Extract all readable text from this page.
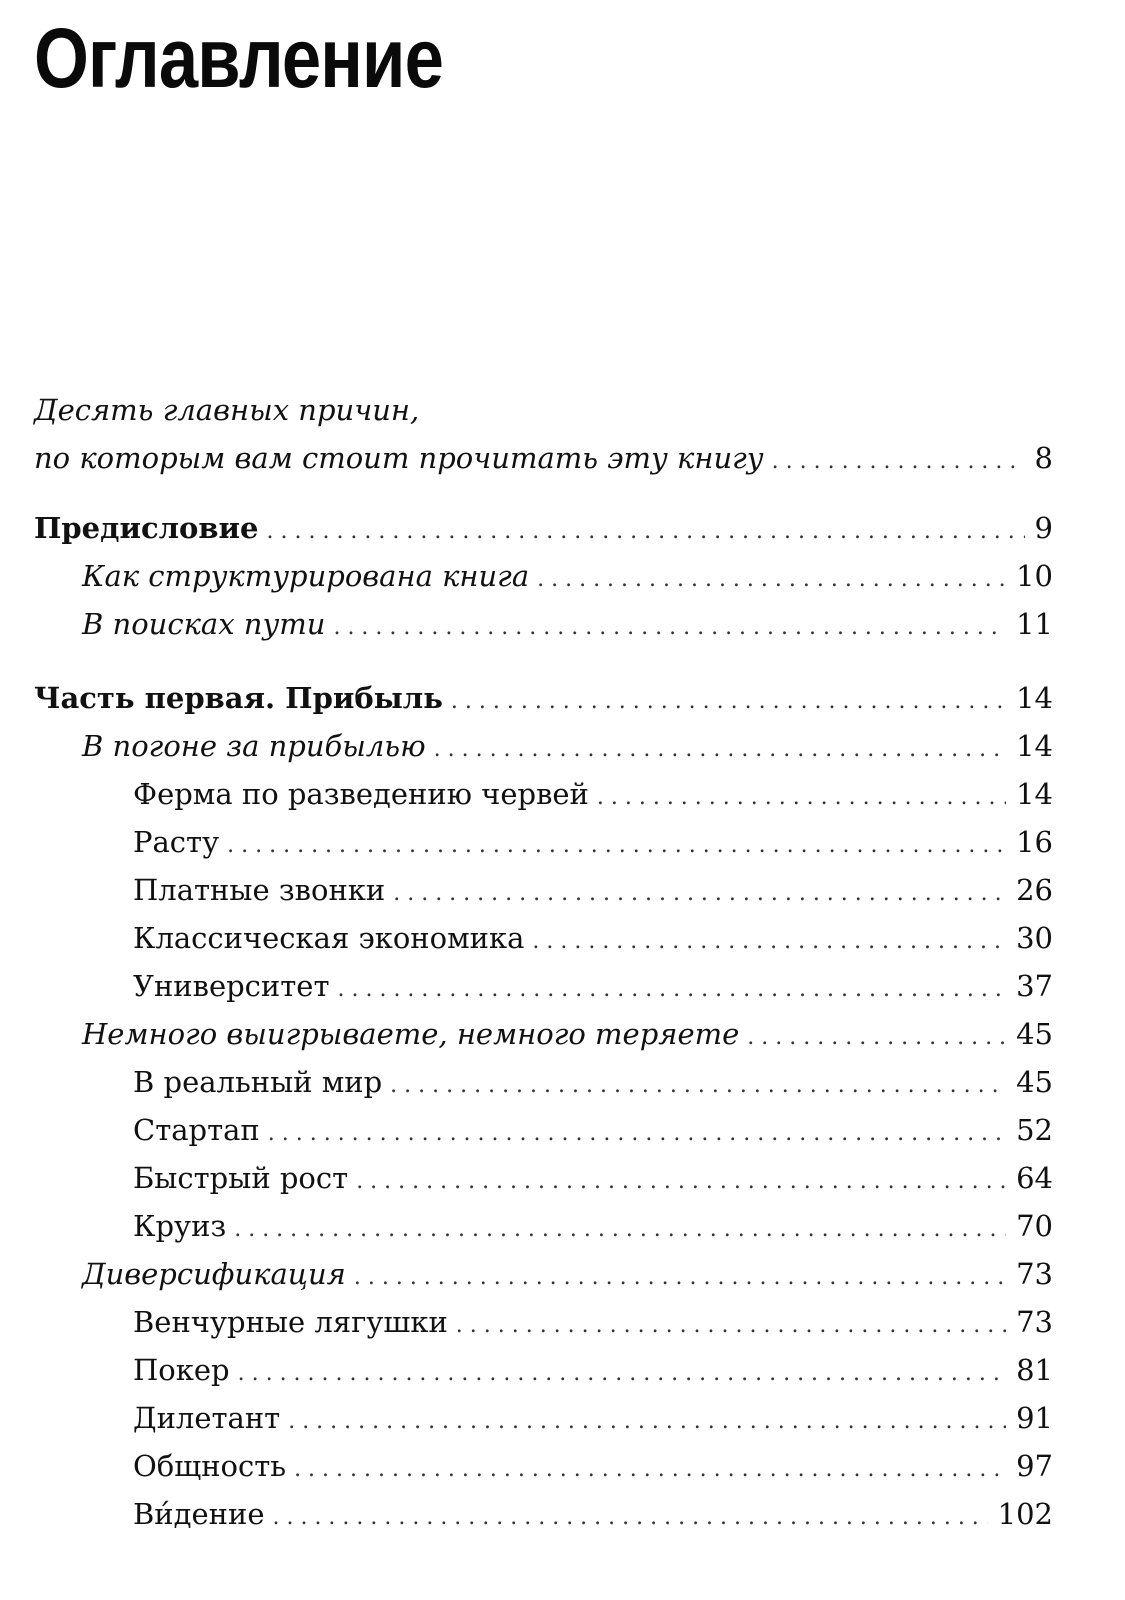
Оглавление
Десять главных причин,
по которым вам стоит прочитать эту книгу . . .	8
Предисловие . . .	9
Как структурирована книга . . .	10
В поисках пути . . .	11
Часть первая. Прибыль . . .	14
В погоне за прибылью . . .	14
Ферма по разведению червей . . .	14
Расту . . .	16
Платные звонки . . .	26
Классическая экономика . . .	30
Университет . . .	37
Немного выигрываете, немного теряете . . .	45
В реальный мир . . .	45
Стартап . . .	52
Быстрый рост . . .	64
Круиз . . .	70
Диверсификация . . .	73
Венчурные лягушки . . .	73
Покер . . .	81
Дилетант . . .	91
Общность . . .	97
Ви́дение . . .	102
